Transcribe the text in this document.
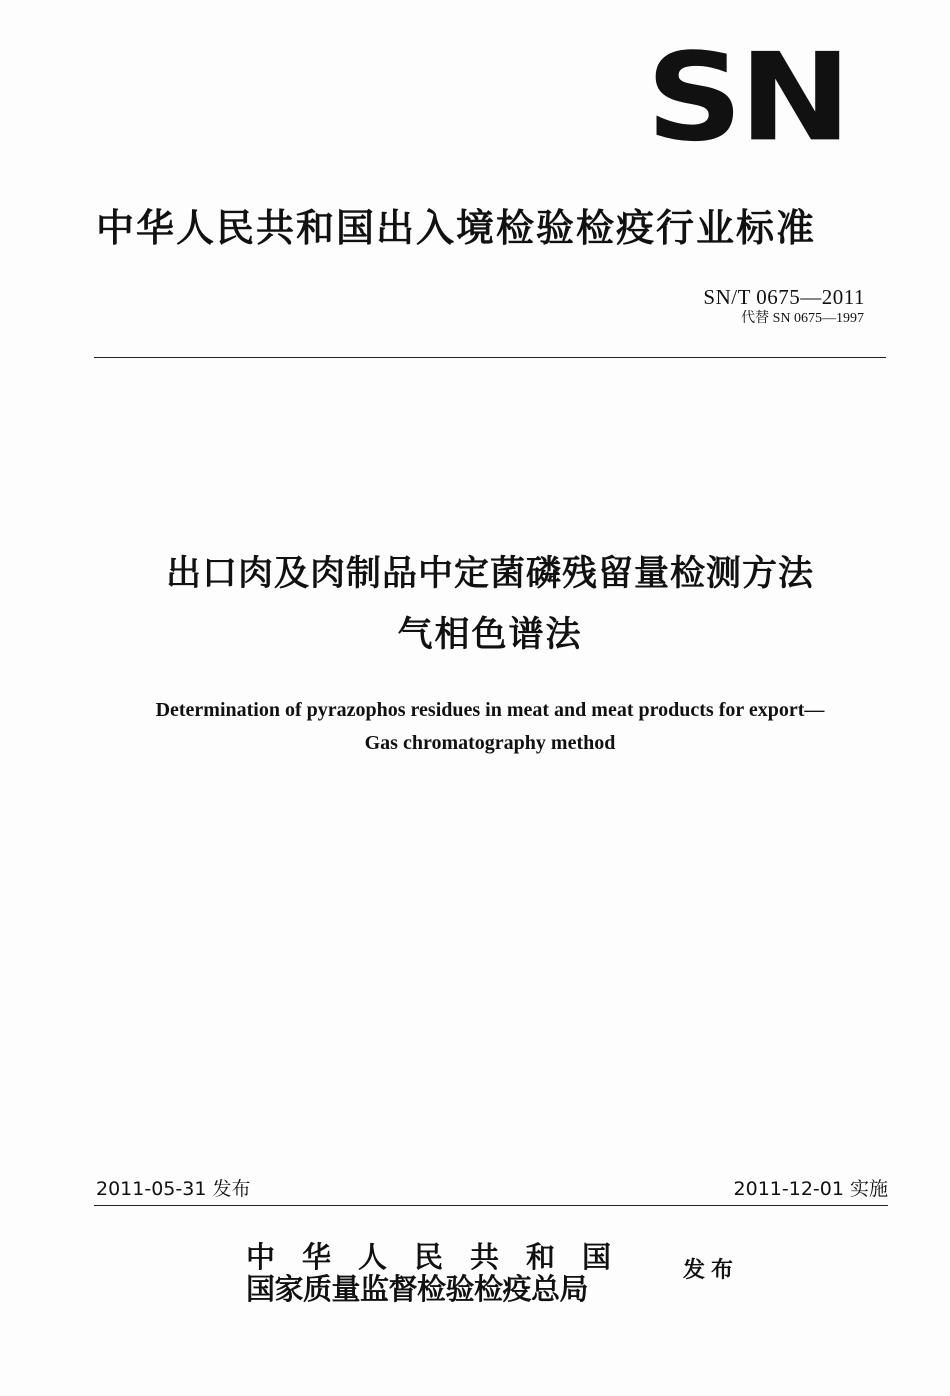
SN
中华人民共和国出入境检验检疫行业标准
SN/T 0675—2011
代替 SN 0675—1997
出口肉及肉制品中定菌磷残留量检测方法
气相色谱法
Determination of pyrazophos residues in meat and meat products for export—
Gas chromatography method
2011-05-31 发布	2011-12-01 实施
中华人民共和国
国家质量监督检验检疫总局
发布
